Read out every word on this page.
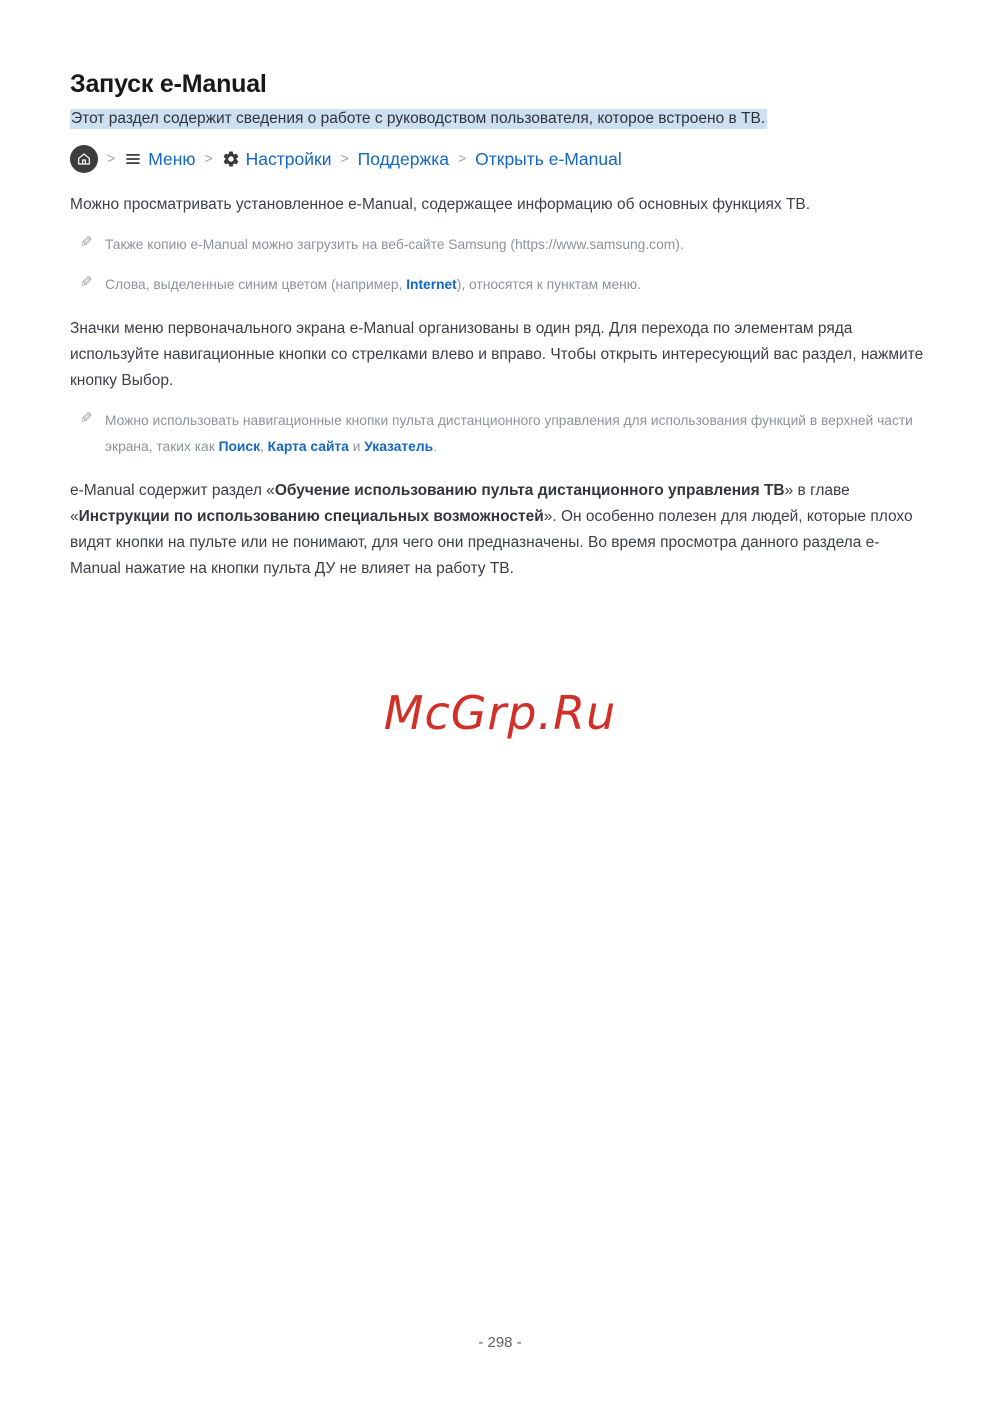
Запуск e-Manual
Этот раздел содержит сведения о работе с руководством пользователя, которое встроено в ТВ.
> Меню > Настройки > Поддержка > Открыть e-Manual

Можно просматривать установленное e-Manual, содержащее информацию об основных функциях ТВ.

✎ Также копию e-Manual можно загрузить на веб-сайте Samsung (https://www.samsung.com).
✎ Слова, выделенные синим цветом (например, Internet), относятся к пунктам меню.

Значки меню первоначального экрана e-Manual организованы в один ряд. Для перехода по элементам ряда используйте навигационные кнопки со стрелками влево и вправо. Чтобы открыть интересующий вас раздел, нажмите кнопку Выбор.

✎ Можно использовать навигационные кнопки пульта дистанционного управления для использования функций в верхней части экрана, таких как Поиск, Карта сайта и Указатель.

e-Manual содержит раздел «Обучение использованию пульта дистанционного управления ТВ» в главе «Инструкции по использованию специальных возможностей». Он особенно полезен для людей, которые плохо видят кнопки на пульте или не понимают, для чего они предназначены. Во время просмотра данного раздела e-Manual нажатие на кнопки пульта ДУ не влияет на работу ТВ.

McGrp.Ru
- 298 -
